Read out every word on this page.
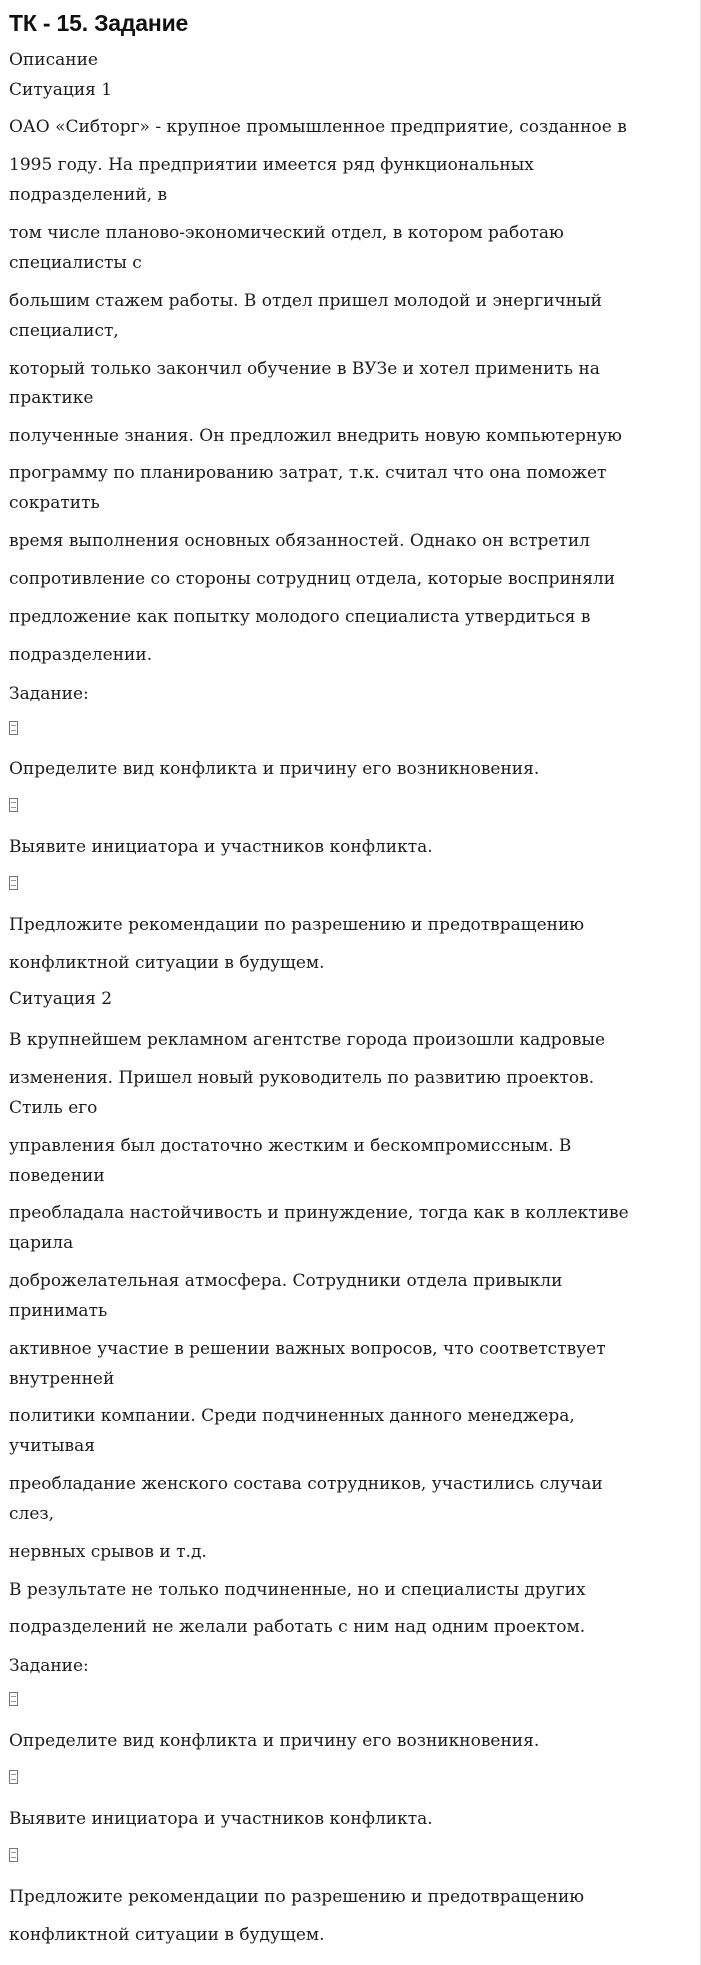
ТК - 15. Задание
Описание
Ситуация 1
ОАО «Сибторг» - крупное промышленное предприятие, созданное в
1995 году. На предприятии имеется ряд функциональных
подразделений, в
том числе планово-экономический отдел, в котором работаю
специалисты с
большим стажем работы. В отдел пришел молодой и энергичный
специалист,
который только закончил обучение в ВУЗе и хотел применить на
практике
полученные знания. Он предложил внедрить новую компьютерную
программу по планированию затрат, т.к. считал что она поможет
сократить
время выполнения основных обязанностей. Однако он встретил
сопротивление со стороны сотрудниц отдела, которые восприняли
предложение как попытку молодого специалиста утвердиться в
подразделении.
Задание:
Определите вид конфликта и причину его возникновения.
Выявите инициатора и участников конфликта.
Предложите рекомендации по разрешению и предотвращению
конфликтной ситуации в будущем.
Ситуация 2
В крупнейшем рекламном агентстве города произошли кадровые
изменения. Пришел новый руководитель по развитию проектов.
Стиль его
управления был достаточно жестким и бескомпромиссным. В
поведении
преобладала настойчивость и принуждение, тогда как в коллективе
царила
доброжелательная атмосфера. Сотрудники отдела привыкли
принимать
активное участие в решении важных вопросов, что соответствует
внутренней
политики компании. Среди подчиненных данного менеджера,
учитывая
преобладание женского состава сотрудников, участились случаи
слез,
нервных срывов и т.д.
В результате не только подчиненные, но и специалисты других
подразделений не желали работать с ним над одним проектом.
Задание:
Определите вид конфликта и причину его возникновения.
Выявите инициатора и участников конфликта.
Предложите рекомендации по разрешению и предотвращению
конфликтной ситуации в будущем.
